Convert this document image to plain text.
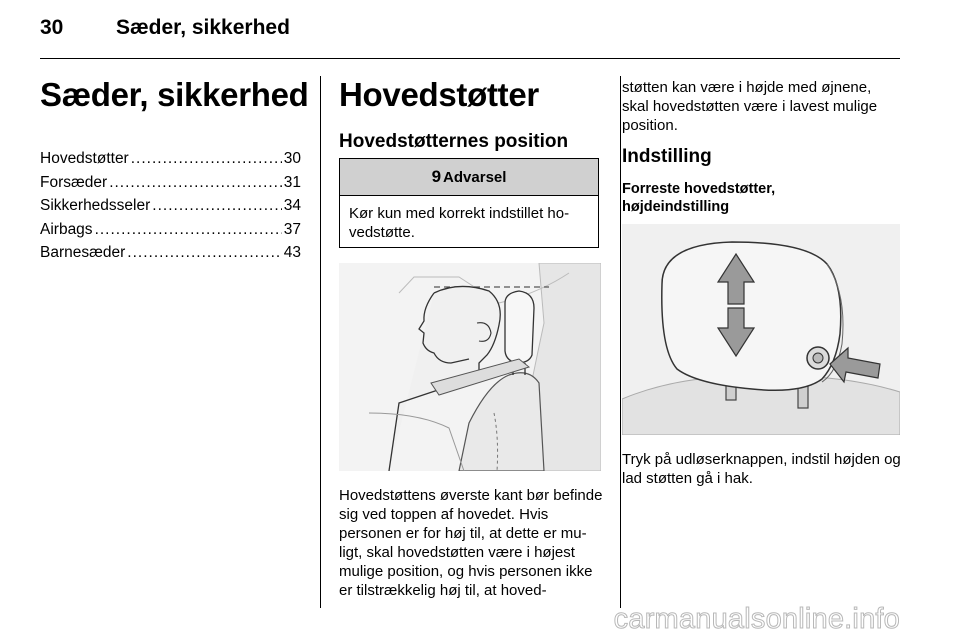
30	Sæder, sikkerhed
Sæder, sikkerhed
Hovedstøtter .....	30
Forsæder .....	31
Sikkerhedsseler .....	34
Airbags .....	37
Barnesæder .....	43
Hovedstøtter
Hovedstøtternes position
9 Advarsel
Kør kun med korrekt indstillet hovedstøtte.
Hovedstøttens øverste kant bør befinde sig ved toppen af hovedet. Hvis personen er for høj til, at dette er muligt, skal hovedstøtten være i højest mulige position, og hvis personen ikke er tilstrækkelig høj til, at hoved-
støtten kan være i højde med øjnene, skal hovedstøtten være i lavest mulige position.
Indstilling
Forreste hovedstøtter, højdeindstilling
Tryk på udløserknappen, indstil højden og lad støtten gå i hak.
carmanualsonline.info
